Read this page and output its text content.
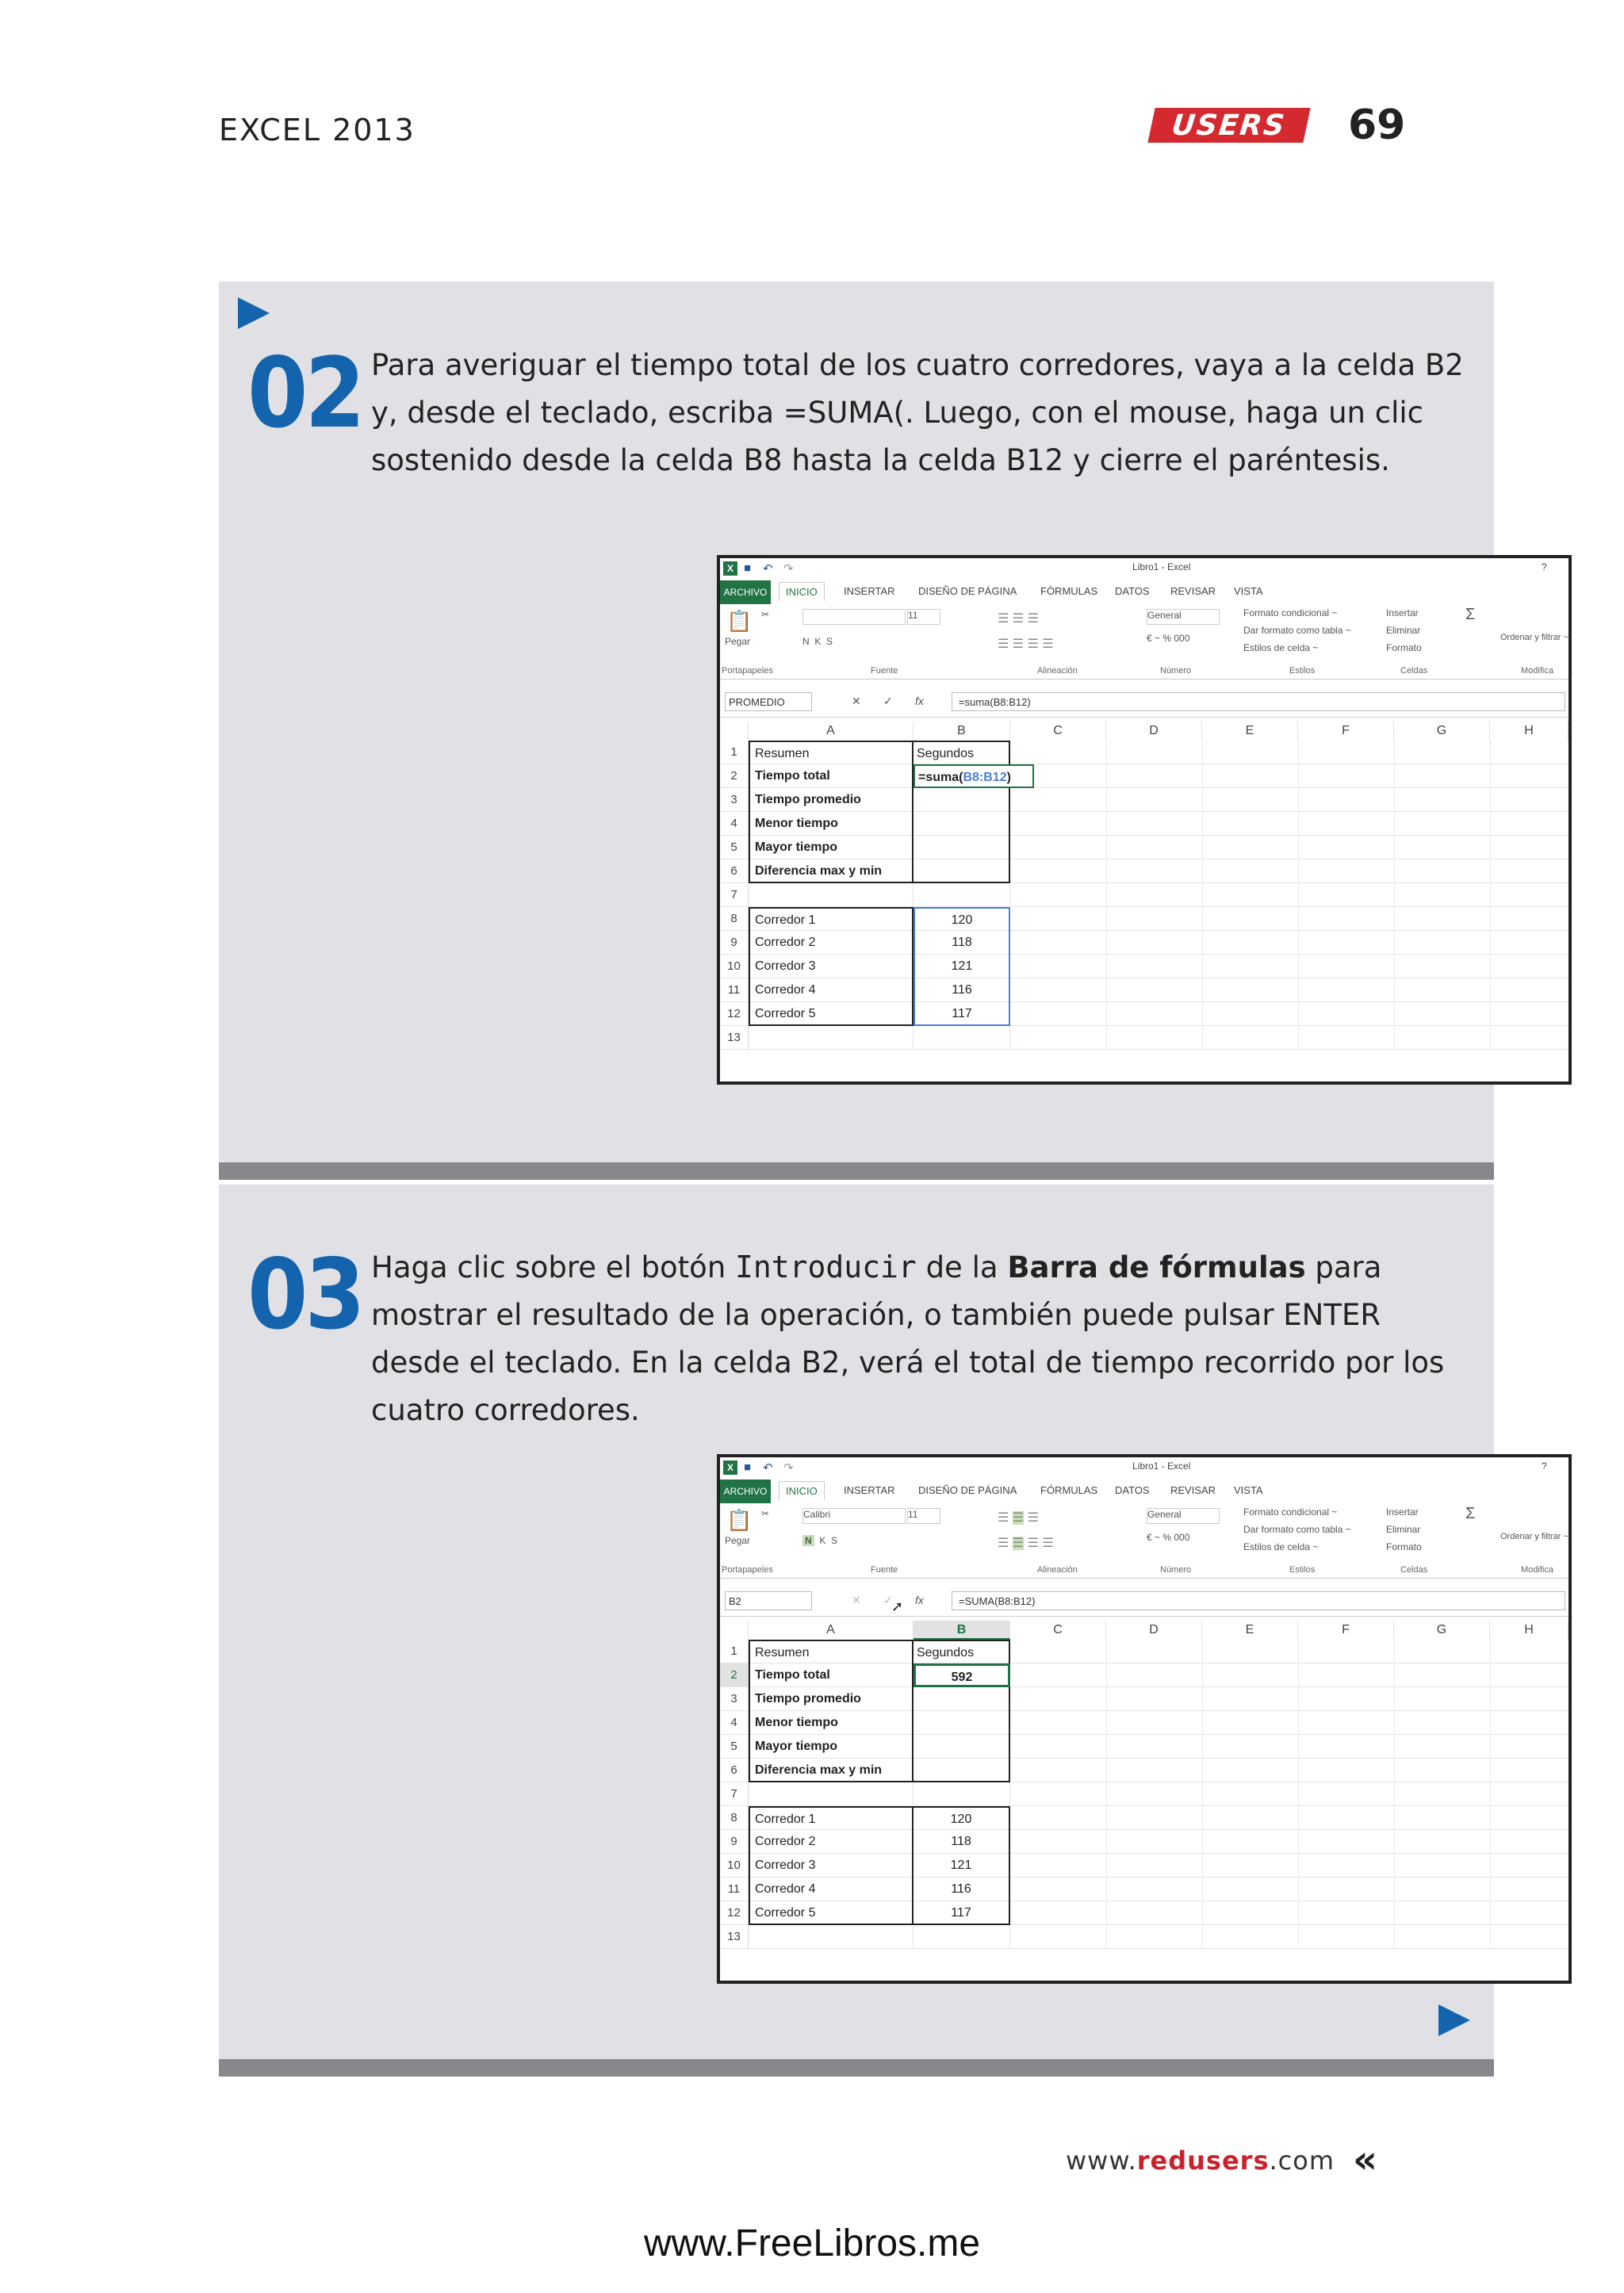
EXCEL 2013	USERS 69
02 Para averiguar el tiempo total de los cuatro corredores, vaya a la celda B2 y, desde el teclado, escriba =SUMA(. Luego, con el mouse, haga un clic sostenido desde la celda B8 hasta la celda B12 y cierre el paréntesis.
X ■ ↶ ↷	Libro1 - Excel	?
ARCHIVO	INICIO	INSERTAR DISEÑO DE PÁGINA FÓRMULAS DATOS REVISAR VISTA
📋
Pegar
✂	11
N  K  S
☰ ☰ ☰
☰ ☰ ☰ ☰
General
€ ~ % 000
Formato condicional ~
Dar formato como tabla ~
Estilos de celda ~
Insertar
Eliminar
Formato
Σ
Ordenar y filtrar ~
Portapapeles	Fuente	Alineación	Número	Estilos	Celdas	Modifica
PROMEDIO	✕ ✓ fx	=suma(B8:B12)
A	B	C	D	E	F	G	H
1	Resumen	Segundos
2	Tiempo total	=suma(B8:B12)
3	Tiempo promedio
4	Menor tiempo
5	Mayor tiempo
6	Diferencia max y min
7
8	Corredor 1	120
9	Corredor 2	118
10	Corredor 3	121
11	Corredor 4	116
12	Corredor 5	117
13
03 Haga clic sobre el botón Introducir de la Barra de fórmulas para mostrar el resultado de la operación, o también puede pulsar ENTER desde el teclado. En la celda B2, verá el total de tiempo recorrido por los cuatro corredores.
X ■ ↶ ↷	Libro1 - Excel	?
ARCHIVO	INICIO	INSERTAR DISEÑO DE PÁGINA FÓRMULAS DATOS REVISAR VISTA
📋
Pegar
✂	Calibri	11
N  K  S
☰ ☰ ☰
☰ ☰ ☰ ☰
General
€ ~ % 000
Formato condicional ~
Dar formato como tabla ~
Estilos de celda ~
Insertar
Eliminar
Formato
Σ
Ordenar y filtrar ~
Portapapeles	Fuente	Alineación	Número	Estilos	Celdas	Modifica
B2	✕ ✓
➚ fx	=SUMA(B8:B12)
A	B	C	D	E	F	G	H
1	Resumen	Segundos
2	Tiempo total	592
3	Tiempo promedio
4	Menor tiempo
5	Mayor tiempo
6	Diferencia max y min
7
8	Corredor 1	120
9	Corredor 2	118
10	Corredor 3	121
11	Corredor 4	116
12	Corredor 5	117
13
www.redusers.com «
www.FreeLibros.me
